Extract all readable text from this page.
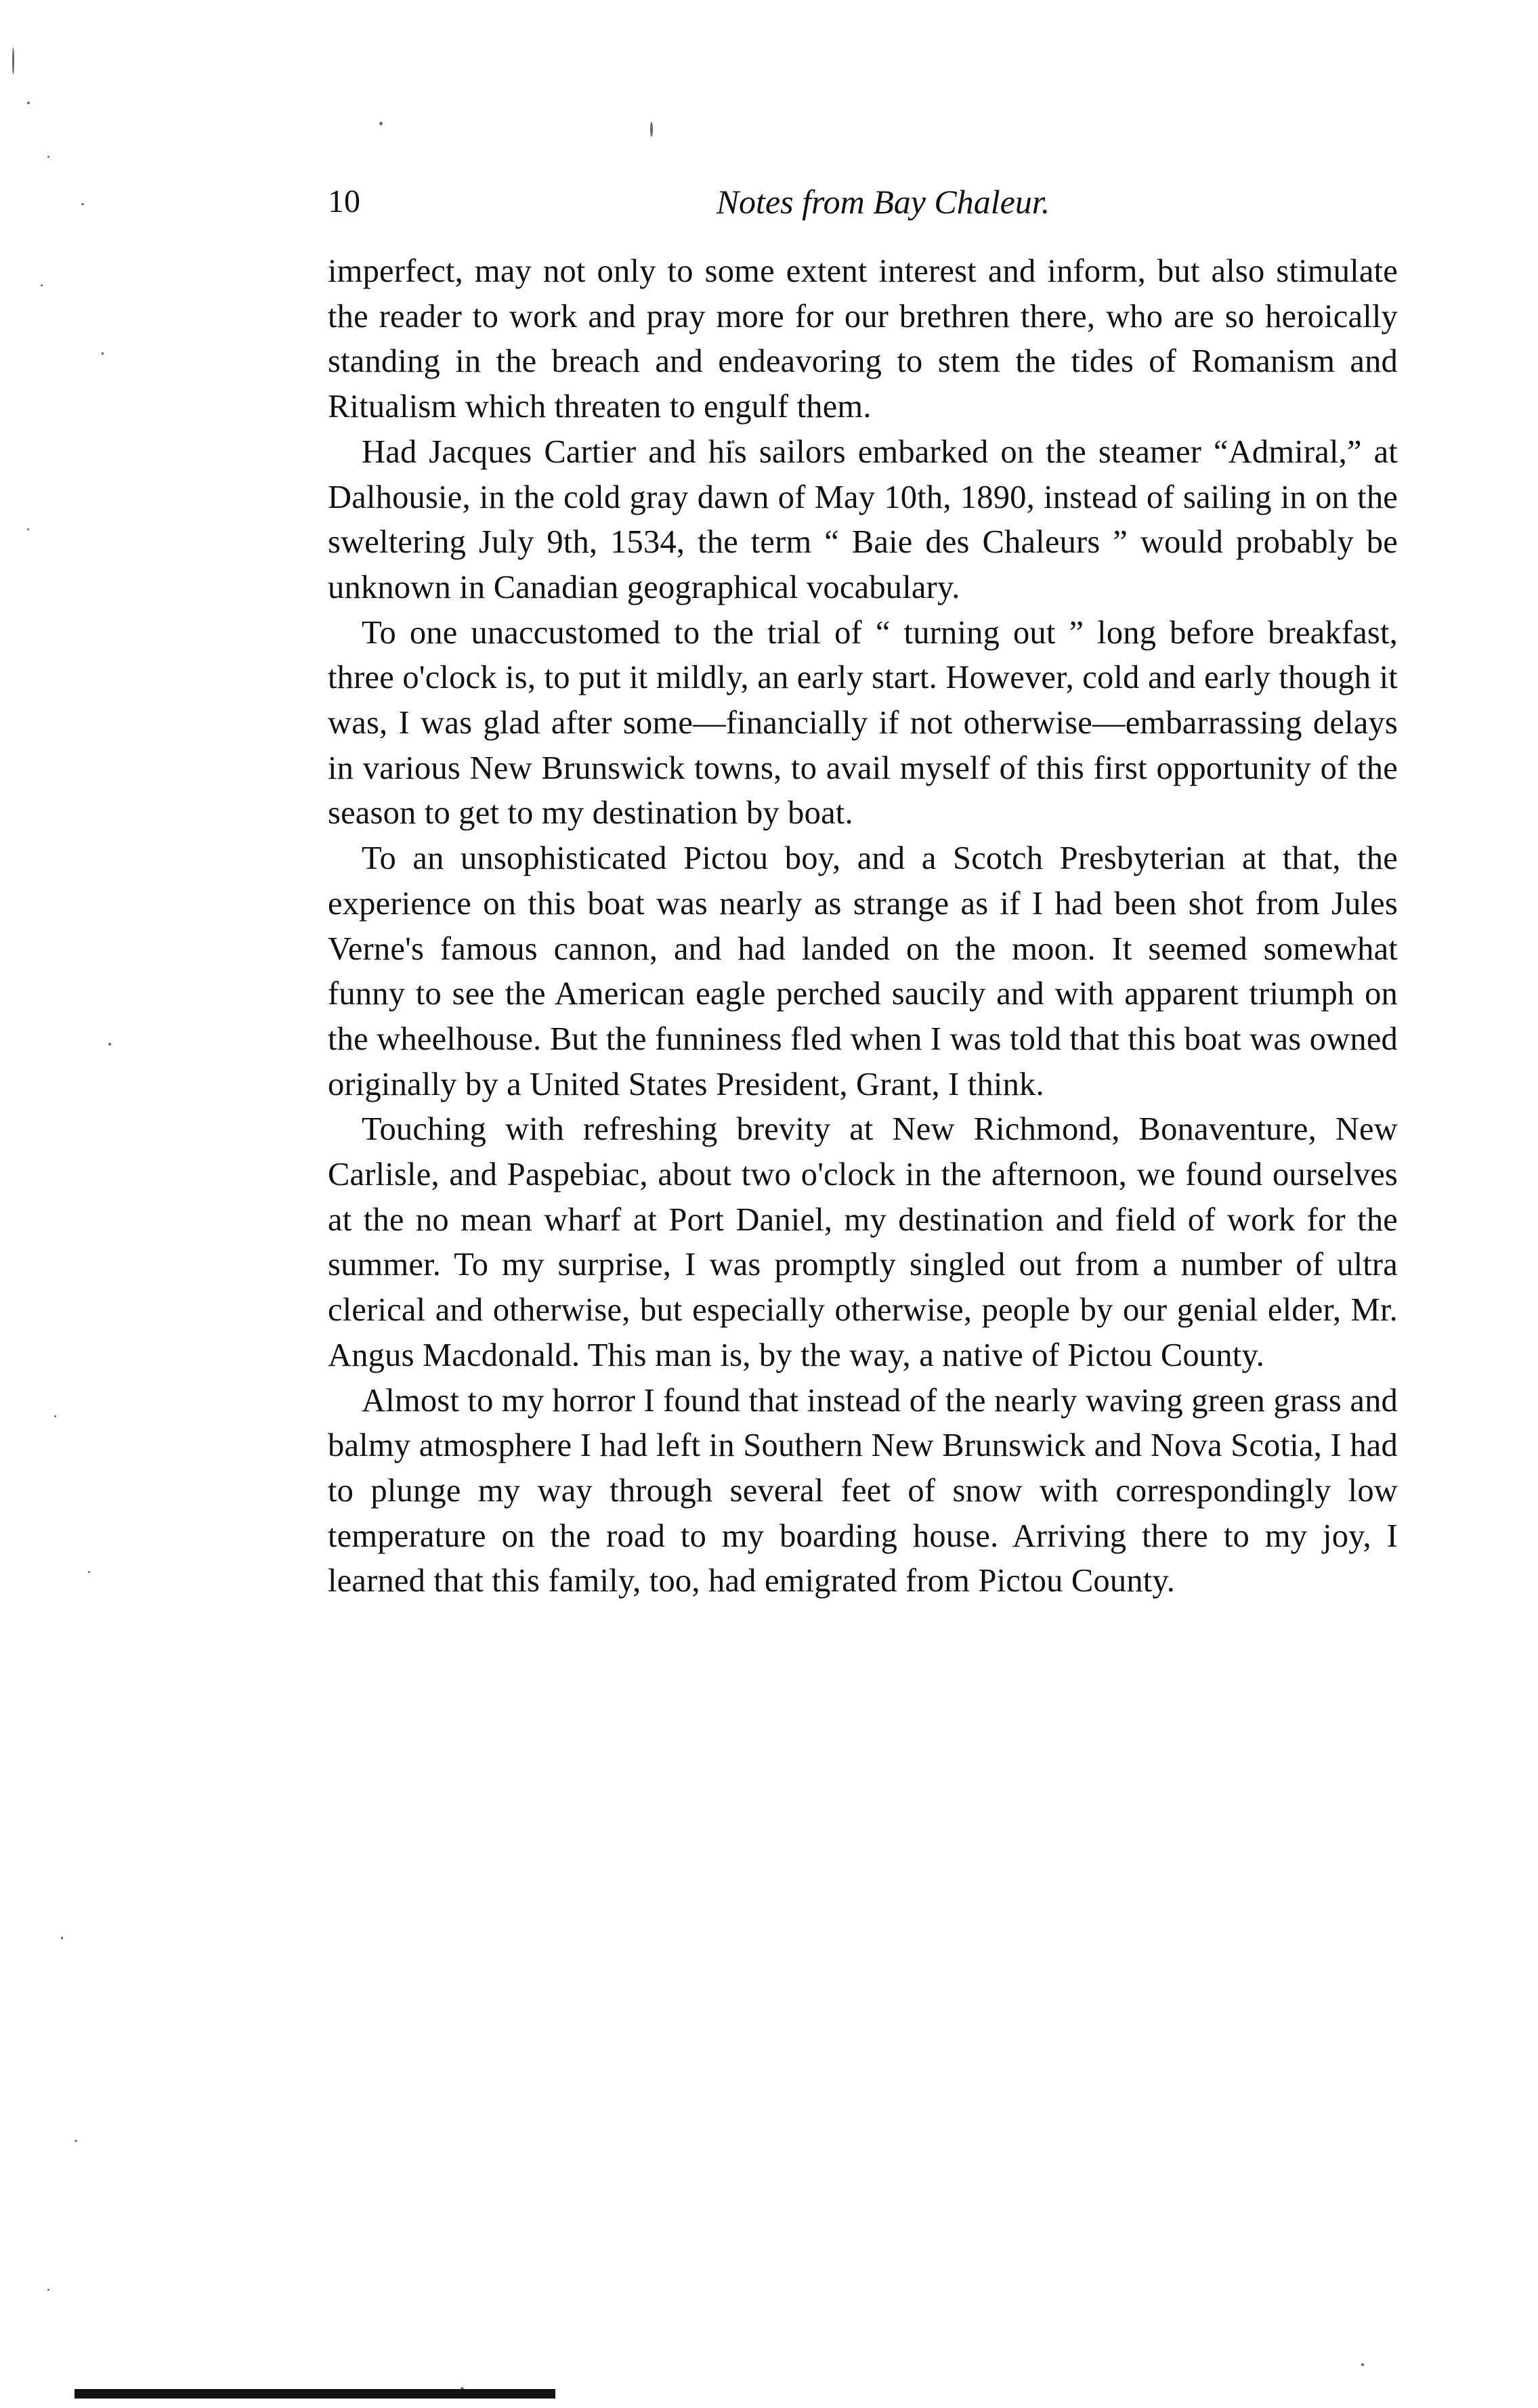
10	Notes from Bay Chaleur.

imperfect, may not only to some extent interest and inform, but also stimulate the reader to work and pray more for our brethren there, who are so heroically standing in the breach and endeavoring to stem the tides of Romanism and Ritualism which threaten to engulf them.

Had Jacques Cartier and his sailors embarked on the steamer “Admiral,” at Dalhousie, in the cold gray dawn of May 10th, 1890, instead of sailing in on the sweltering July 9th, 1534, the term “ Baie des Chaleurs ” would probably be unknown in Canadian geographical vocabulary.

To one unaccustomed to the trial of “ turning out ” long before breakfast, three o'clock is, to put it mildly, an early start. However, cold and early though it was, I was glad after some—financially if not otherwise—embarrassing delays in various New Brunswick towns, to avail myself of this first opportunity of the season to get to my destination by boat.

To an unsophisticated Pictou boy, and a Scotch Presbyterian at that, the experience on this boat was nearly as strange as if I had been shot from Jules Verne's famous cannon, and had landed on the moon. It seemed somewhat funny to see the American eagle perched saucily and with apparent triumph on the wheelhouse. But the funniness fled when I was told that this boat was owned originally by a United States President, Grant, I think.

Touching with refreshing brevity at New Richmond, Bonaventure, New Carlisle, and Paspebiac, about two o'clock in the afternoon, we found ourselves at the no mean wharf at Port Daniel, my destination and field of work for the summer. To my surprise, I was promptly singled out from a number of ultra clerical and otherwise, but especially otherwise, people by our genial elder, Mr. Angus Macdonald. This man is, by the way, a native of Pictou County.

Almost to my horror I found that instead of the nearly waving green grass and balmy atmosphere I had left in Southern New Brunswick and Nova Scotia, I had to plunge my way through several feet of snow with correspondingly low temperature on the road to my boarding house. Arriving there to my joy, I learned that this family, too, had emigrated from Pictou County.
